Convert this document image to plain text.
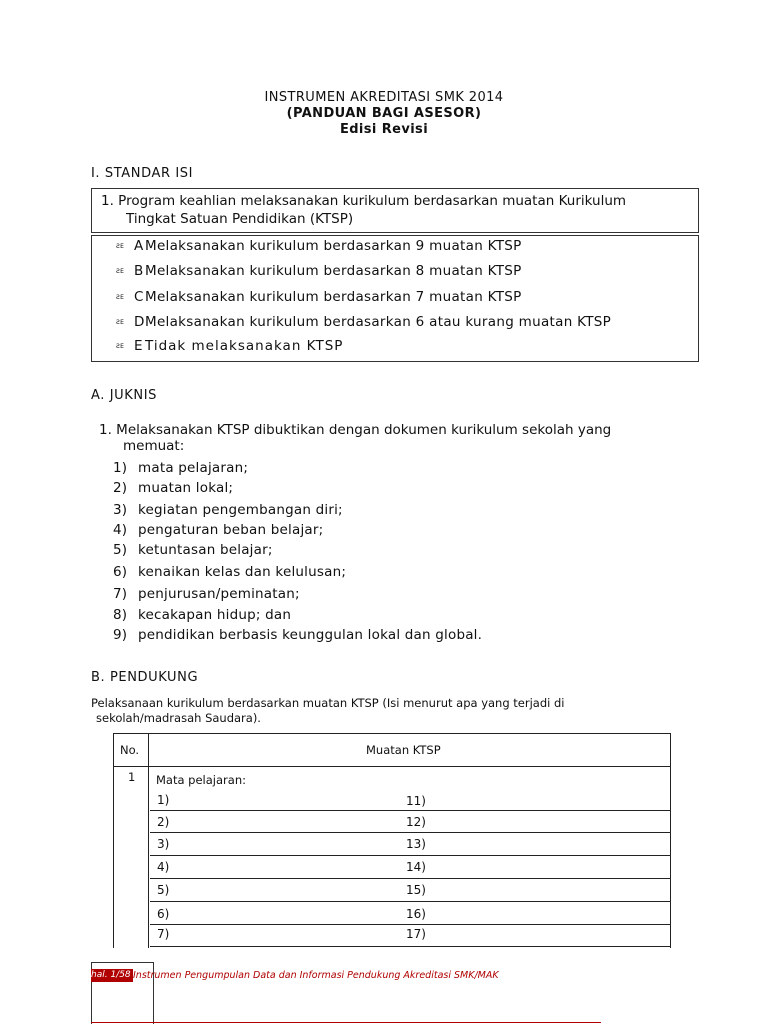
INSTRUMEN AKREDITASI SMK 2014
(PANDUAN BAGI ASESOR)
Edisi Revisi
I. STANDAR ISI
1. Program keahlian melaksanakan kurikulum berdasarkan muatan Kurikulum
Tingkat Satuan Pendidikan (KTSP)
ƧE AMelaksanakan kurikulum berdasarkan 9 muatan KTSP
ƧE BMelaksanakan kurikulum berdasarkan 8 muatan KTSP
ƧE CMelaksanakan kurikulum berdasarkan 7 muatan KTSP
ƧE DMelaksanakan kurikulum berdasarkan 6 atau kurang muatan KTSP
ƧE E Tidak melaksanakan KTSP
A. JUKNIS
1. Melaksanakan KTSP dibuktikan dengan dokumen kurikulum sekolah yang
memuat:
1) mata pelajaran;
2) muatan lokal;
3) kegiatan pengembangan diri;
4) pengaturan beban belajar;
5) ketuntasan belajar;
6) kenaikan kelas dan kelulusan;
7) penjurusan/peminatan;
8) kecakapan hidup; dan
9) pendidikan berbasis keunggulan lokal dan global.
B. PENDUKUNG
Pelaksanaan kurikulum berdasarkan muatan KTSP (Isi menurut apa yang terjadi di
sekolah/madrasah Saudara).
No.	Muatan KTSP
1 Mata pelajaran:
1)
2)
3)
4)
5)
6)
7)
11)
12)
13)
14)
15)
16)
17)
hal. 1/58 Instrumen Pengumpulan Data dan Informasi Pendukung Akreditasi SMK/MAK
